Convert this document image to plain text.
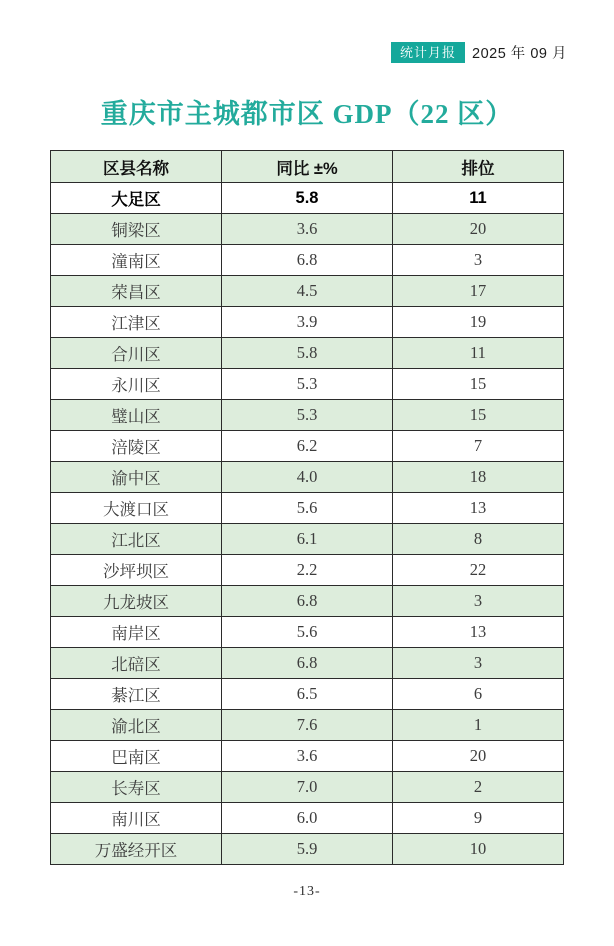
统计月报	2025 年 09 月
重庆市主城都市区 GDP（22 区）
区县名称	同比 ±%	排位
大足区	5.8	11
铜梁区	3.6	20
潼南区	6.8	3
荣昌区	4.5	17
江津区	3.9	19
合川区	5.8	11
永川区	5.3	15
璧山区	5.3	15
涪陵区	6.2	7
渝中区	4.0	18
大渡口区	5.6	13
江北区	6.1	8
沙坪坝区	2.2	22
九龙坡区	6.8	3
南岸区	5.6	13
北碚区	6.8	3
綦江区	6.5	6
渝北区	7.6	1
巴南区	3.6	20
长寿区	7.0	2
南川区	6.0	9
万盛经开区	5.9	10
-13-
